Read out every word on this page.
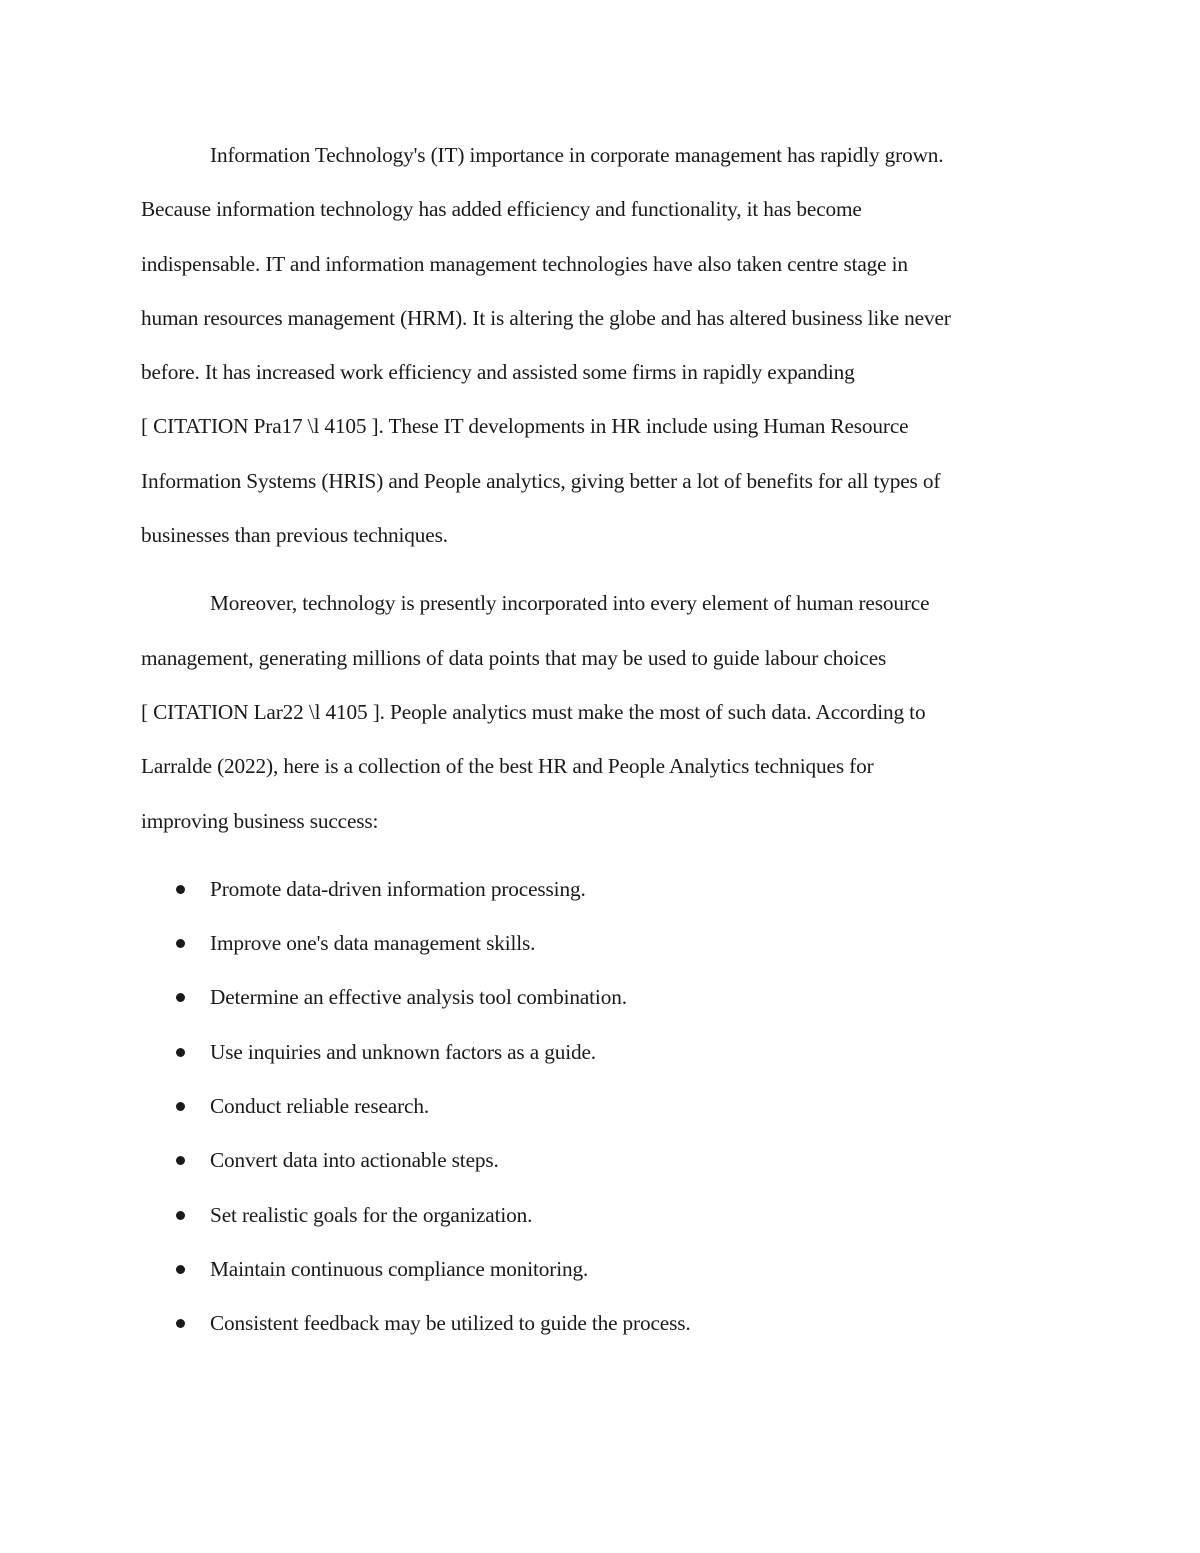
Information Technology's (IT) importance in corporate management has rapidly grown.
Because information technology has added efficiency and functionality, it has become
indispensable. IT and information management technologies have also taken centre stage in
human resources management (HRM). It is altering the globe and has altered business like never
before. It has increased work efficiency and assisted some firms in rapidly expanding
[ CITATION Pra17 \l 4105 ]. These IT developments in HR include using Human Resource
Information Systems (HRIS) and People analytics, giving better a lot of benefits for all types of
businesses than previous techniques.
Moreover, technology is presently incorporated into every element of human resource
management, generating millions of data points that may be used to guide labour choices
[ CITATION Lar22 \l 4105 ]. People analytics must make the most of such data. According to
Larralde (2022), here is a collection of the best HR and People Analytics techniques for
improving business success:
Promote data-driven information processing.
Improve one's data management skills.
Determine an effective analysis tool combination.
Use inquiries and unknown factors as a guide.
Conduct reliable research.
Convert data into actionable steps.
Set realistic goals for the organization.
Maintain continuous compliance monitoring.
Consistent feedback may be utilized to guide the process.
